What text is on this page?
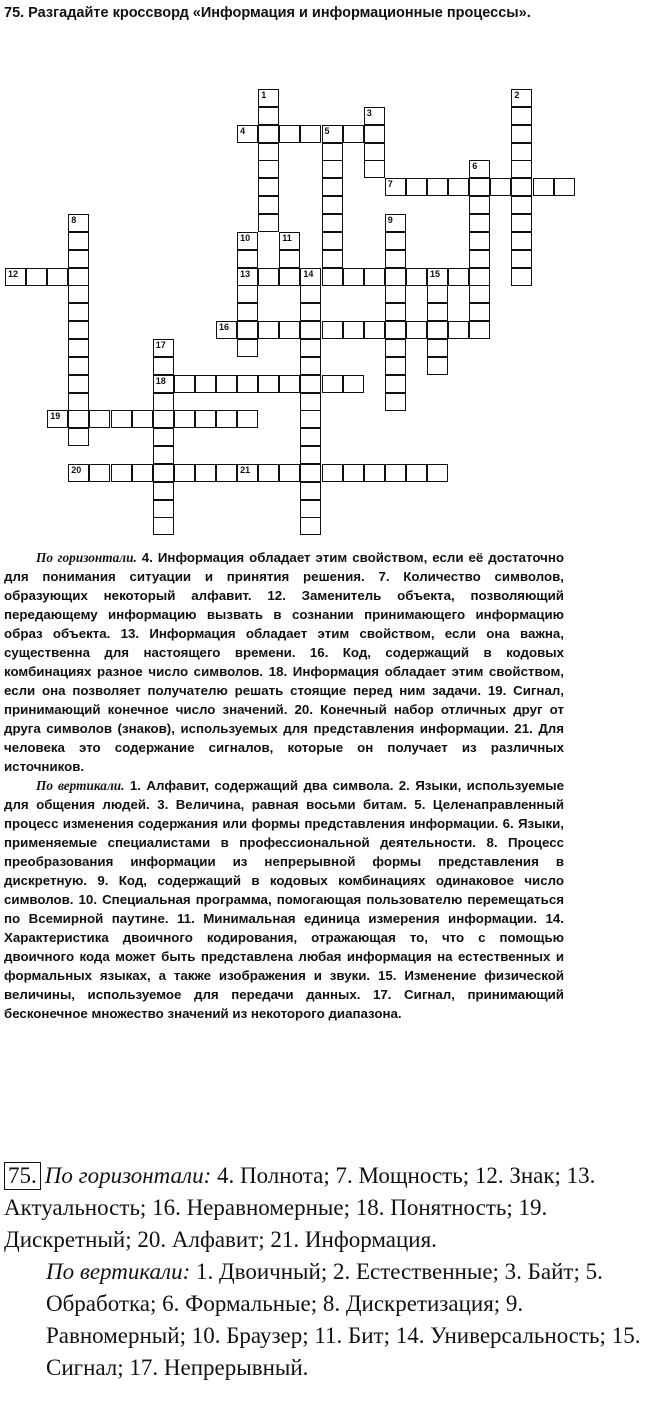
75. Разгадайте кроссворд «Информация и информационные процессы».
4	5
7
12	13	14	15
16
18
19
20	21
1	2
3
6
8	9
10	11
17

По горизонтали. 4. Информация обладает этим свойством, если её достаточно для понимания ситуации и принятия решения. 7. Количество символов, образующих некоторый алфавит. 12. Заменитель объекта, позволяющий передающему информацию вызвать в сознании принимающего информацию образ объекта. 13. Информация обладает этим свойством, если она важна, существенна для настоящего времени. 16. Код, содержащий в кодовых комбинациях разное число символов. 18. Информация обладает этим свойством, если она позволяет получателю решать стоящие перед ним задачи. 19. Сигнал, принимающий конечное число значений. 20. Конечный набор отличных друг от друга символов (знаков), используемых для представления информации. 21. Для человека это содержание сигналов, которые он получает из различных источников.

По вертикали. 1. Алфавит, содержащий два символа. 2. Языки, используемые для общения людей. 3. Величина, равная восьми битам. 5. Целенаправленный процесс изменения содержания или формы представления информации. 6. Языки, применяемые специалистами в профессиональной деятельности. 8. Процесс преобразования информации из непрерывной формы представления в дискретную. 9. Код, содержащий в кодовых комбинациях одинаковое число символов. 10. Специальная программа, помогающая пользователю перемещаться по Всемирной паутине. 11. Минимальная единица измерения информации. 14. Характеристика двоичного кодирования, отражающая то, что с помощью двоичного кода может быть представлена любая информация на естественных и формальных языках, а также изображения и звуки. 15. Изменение физической величины, используемое для передачи данных. 17. Сигнал, принимающий бесконечное множество значений из некоторого диапазона.

75. По горизонтали: 4. Полнота; 7. Мощность; 12. Знак; 13. Актуальность; 16. Неравномерные; 18. Понятность; 19. Дискретный; 20. Алфавит; 21. Информация.

По вертикали: 1. Двоичный; 2. Естественные; 3. Байт; 5. Обработка; 6. Формальные; 8. Дискретизация; 9. Равномерный; 10. Браузер; 11. Бит; 14. Универсальность; 15. Сигнал; 17. Непрерывный.
